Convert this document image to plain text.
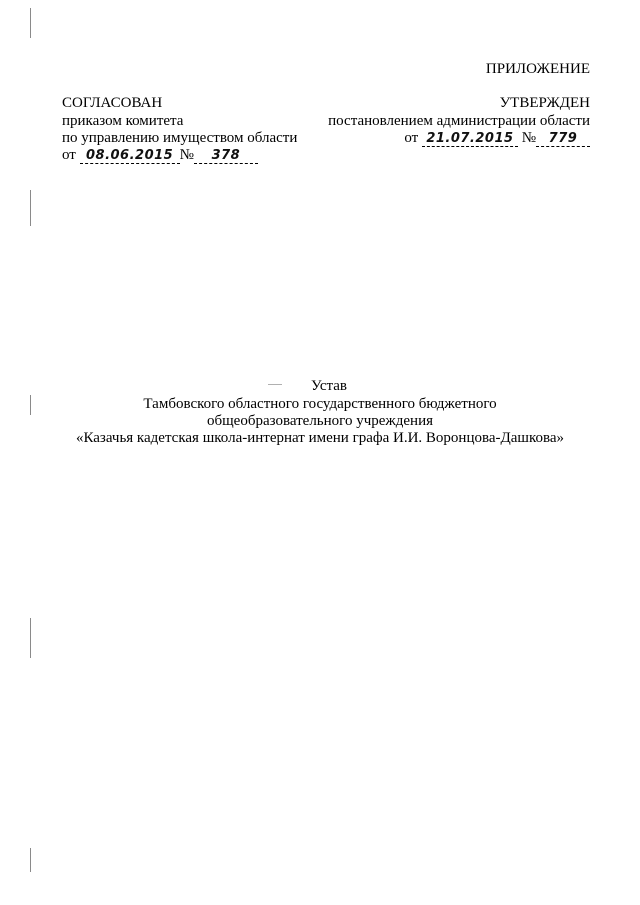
ПРИЛОЖЕНИЕ
СОГЛАСОВАН
приказом комитета
по управлению имуществом области
от 08.06.2015 № 378
УТВЕРЖДЕН
постановлением администрации области
от 21.07.2015 № 779
Устав
Тамбовского областного государственного бюджетного
общеобразовательного учреждения
«Казачья кадетская школа-интернат имени графа И.И. Воронцова-Дашкова»
